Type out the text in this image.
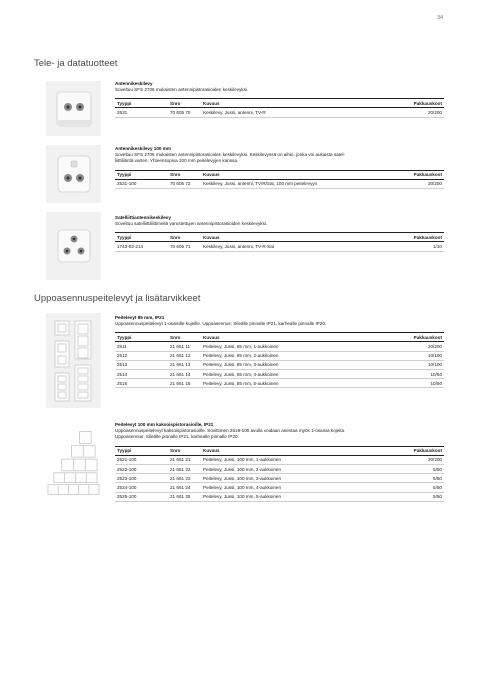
34
Tele- ja datatuotteet
Uppoasennuspeitelevyt ja lisätarvikkeet
Antennikeskilevy
Soveltuu SFS 2706 mukaisten antennipistorasioiden keskilevyksi.
Tyyppi	Snro	Kuvaus	Pakkauskoot
2531	70 605 70	Keskilevy, Jussi, antenni, TV-R	20/200
Antennikeskilevy 100 mm
Soveltuu SFS 2706 mukaisten antennipistorasioiden keskilevyksi. Keskilevyssä on aihio, jonka voi aukaista satel-
liittiliitintä varten. Yhteensopiva 100 mm peitelevyjen kanssa.
Tyyppi	Snro	Kuvaus	Pakkauskoot
2531-100	70 605 72	Keskilevy, Jussi, antenni, TV/R/Sat, 100 mm peitelevyyn	20/200
Satelliittiantennikeskilevy
Soveltuu satelliittiliittimellä varustettujen antennipistorasioiden keskilevyksi.
Tyyppi	Snro	Kuvaus	Pakkauskoot
1743-03-214	70 605 71	Keskilevy, Jussi, antenni, TV-R-Sat	1/10
Peitelevyt 85 mm, IP21
Uppoasennuspeitelevyt 1-osaisille kojeille. Uppoasennus: Sileälle pinnalle IP21, karhealle pinnalle IP20.
Tyyppi	Snro	Kuvaus	Pakkauskoot
2511	21 661 11	Peitelevy, Jussi, 85 mm, 1-aukkoinen	20/200
2512	21 661 12	Peitelevy, Jussi, 85 mm, 2-aukkoinen	10/100
2513	21 661 13	Peitelevy, Jussi, 85 mm, 3-aukkoinen	10/100
2514	21 661 14	Peitelevy, Jussi, 85 mm, 4-aukkoinen	10/50
2515	21 661 15	Peitelevy, Jussi, 85 mm, 5-aukkoinen	10/50
Peitelevyt 100 mm kaksoispistorasioille, IP21
Uppoasennuspeitelevyt kaksoispistorasioille. Sovittimen 2519-100 avulla voidaan asentaa myös 1-osaisia kojeita.
Uppoasennus: Sileälle pinnalle IP21, karhealle pinnalle IP20.
Tyyppi	Snro	Kuvaus	Pakkauskoot
2521-100	21 661 21	Peitelevy, Jussi, 100 mm, 1-aukkoinen	20/200
2522-100	21 661 22	Peitelevy, Jussi, 100 mm, 2-aukkoinen	5/50
2523-100	21 661 23	Peitelevy, Jussi, 100 mm, 3-aukkoinen	5/50
2524-100	21 661 24	Peitelevy, Jussi, 100 mm, 4-aukkoinen	5/50
2525-100	21 661 25	Peitelevy, Jussi, 100 mm, 5-aukkoinen	5/50
